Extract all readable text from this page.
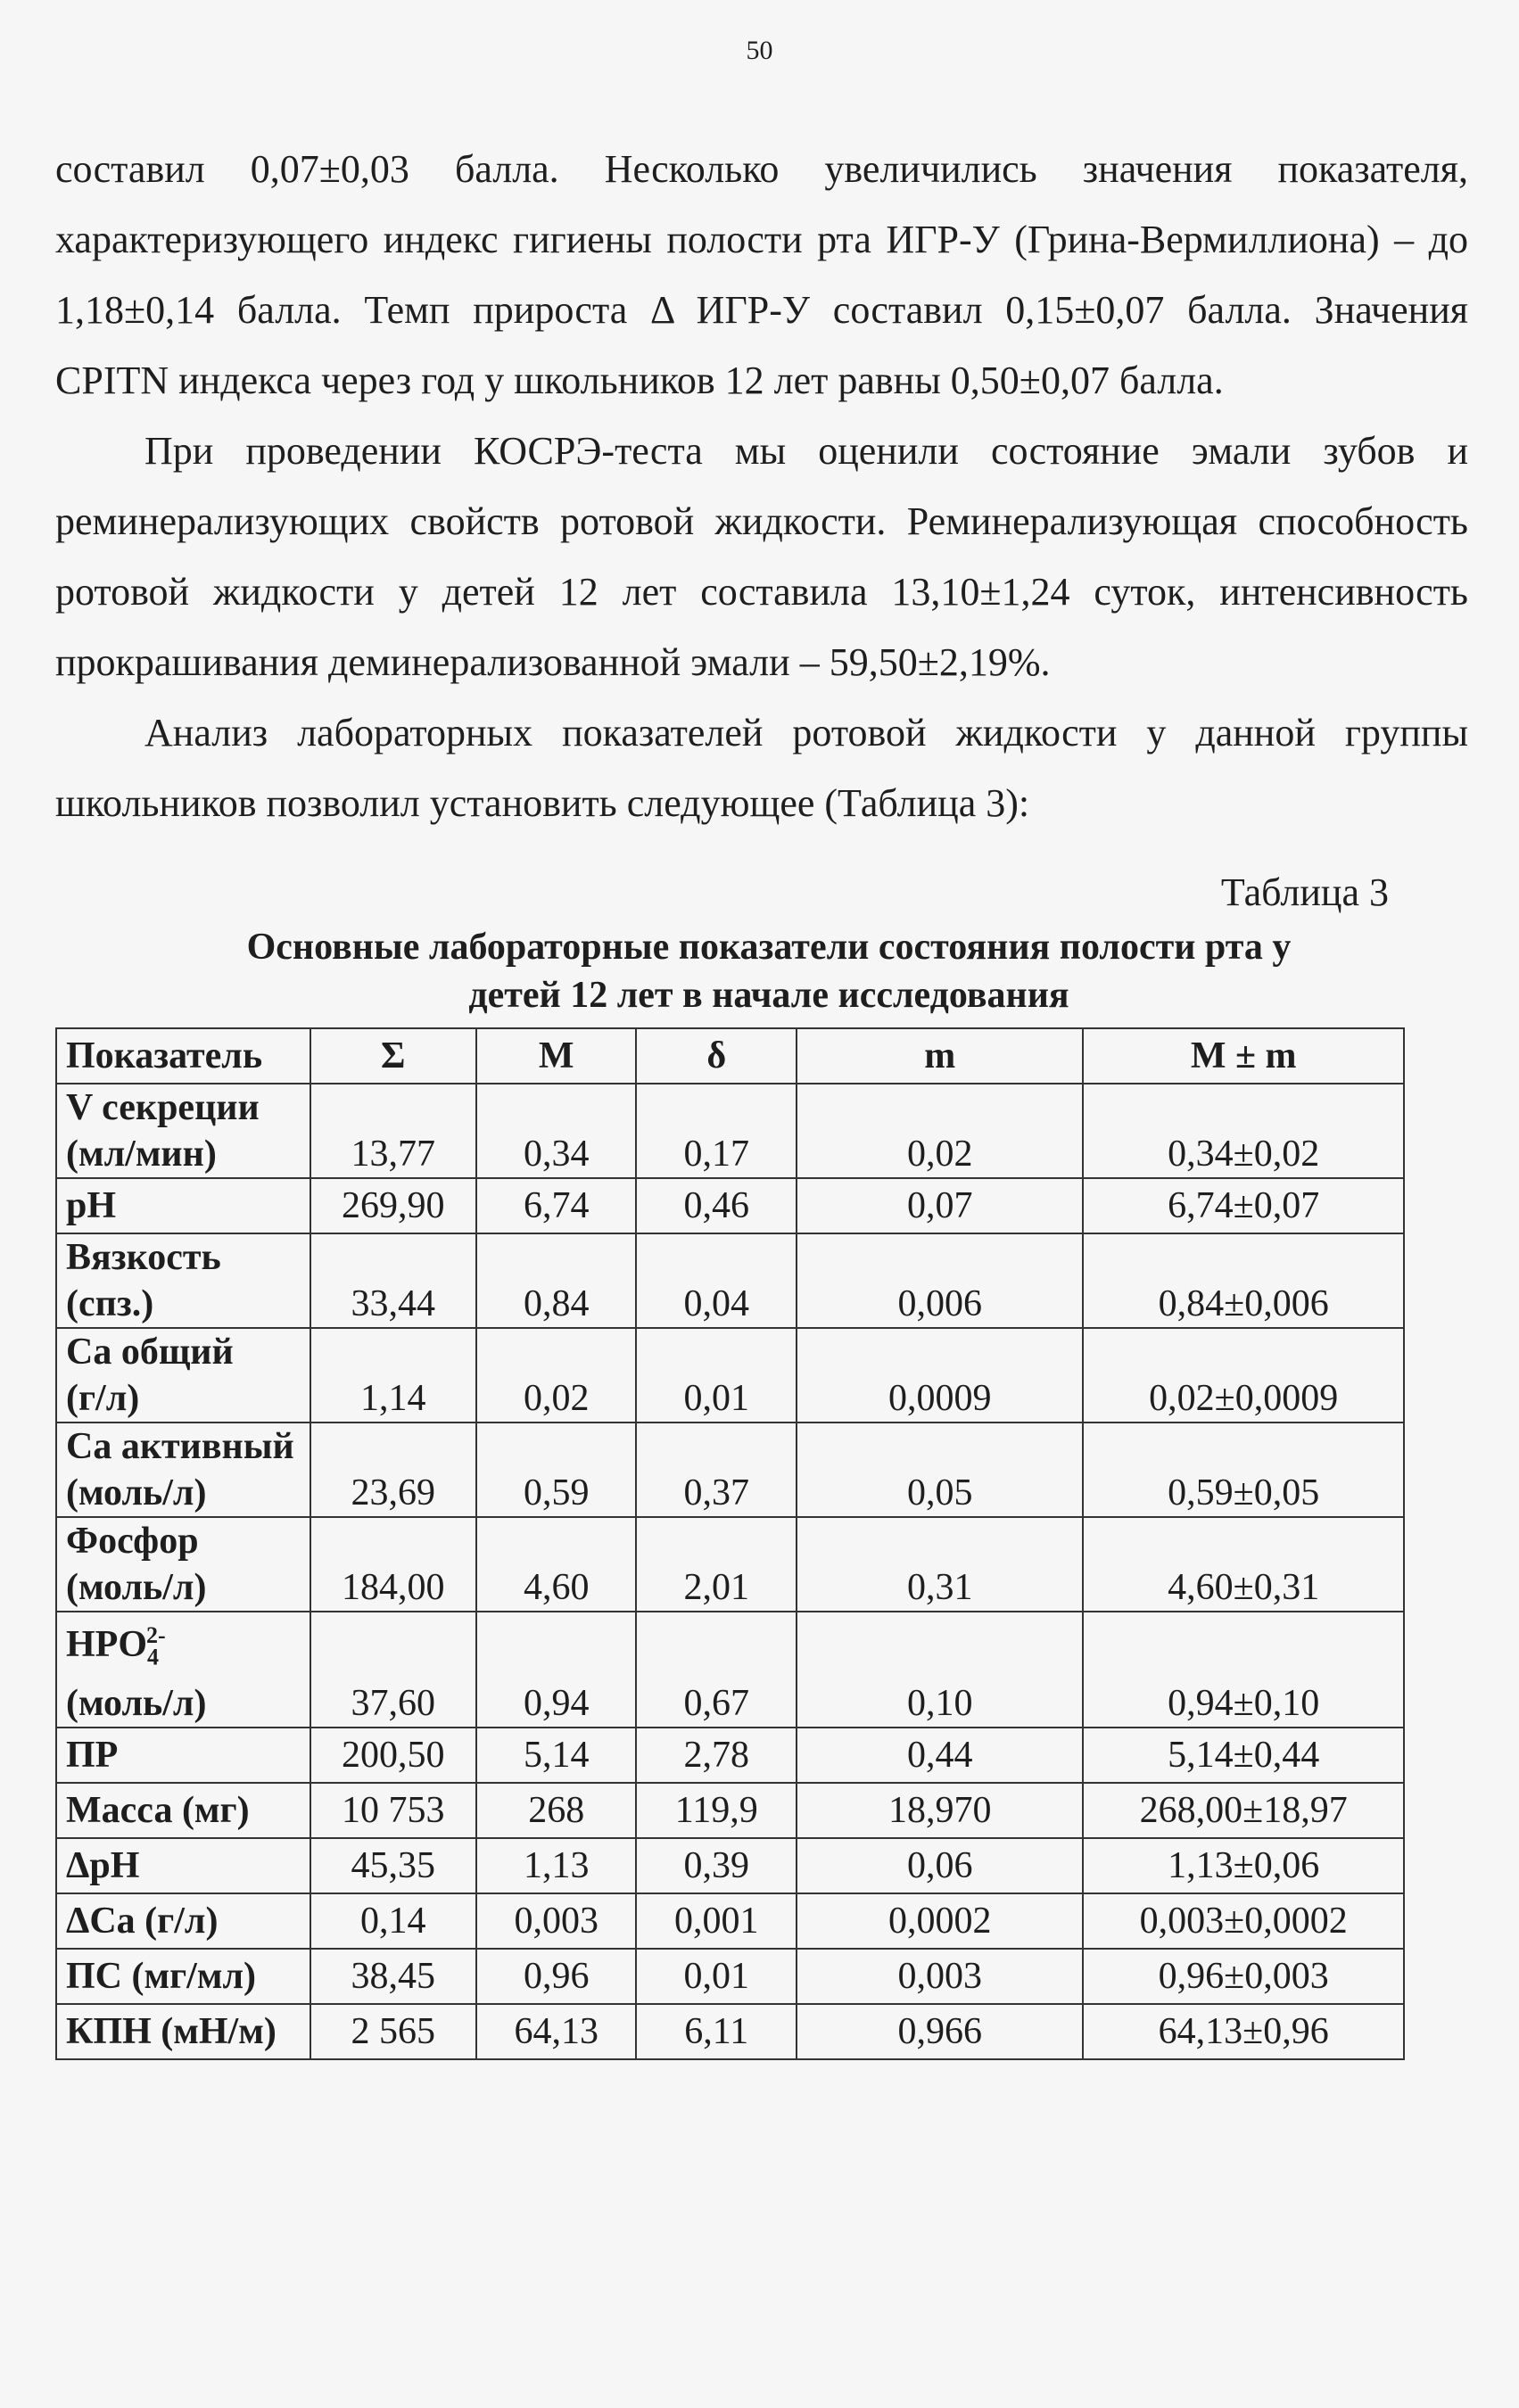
50

составил 0,07±0,03 балла. Несколько увеличились значения показателя, характеризующего индекс гигиены полости рта ИГР-У (Грина-Вермиллиона) – до 1,18±0,14 балла. Темп прироста Δ ИГР-У составил 0,15±0,07 балла. Значения CPITN индекса через год у школьников 12 лет равны 0,50±0,07 балла.

При проведении КОСРЭ-теста мы оценили состояние эмали зубов и реминерализующих свойств ротовой жидкости. Реминерализующая способность ротовой жидкости у детей 12 лет составила 13,10±1,24 суток, интенсивность прокрашивания деминерализованной эмали – 59,50±2,19%.

Анализ лабораторных показателей ротовой жидкости у данной группы школьников позволил установить следующее (Таблица 3):

Таблица 3
Основные лабораторные показатели состояния полости рта у
детей 12 лет в начале исследования
Показатель	Σ	M	δ	m	M ± m

V секреции
(мл/мин)	13,77	0,34	0,17	0,02	0,34±0,02

pH	269,90	6,74	0,46	0,07	6,74±0,07

Вязкость
(спз.)	33,44	0,84	0,04	0,006	0,84±0,006

Ca общий
(г/л)	1,14	0,02	0,01	0,0009	0,02±0,0009

Ca активный
(моль/л)	23,69	0,59	0,37	0,05	0,59±0,05

Фосфор
(моль/л)	184,00	4,60	2,01	0,31	4,60±0,31

$HPO_4^{2-}$
(моль/л)	37,60	0,94	0,67	0,10	0,94±0,10

ПР	200,50	5,14	2,78	0,44	5,14±0,44

Масса (мг)	10 753	268	119,9	18,970	268,00±18,97

ΔpH	45,35	1,13	0,39	0,06	1,13±0,06

ΔCa (г/л)	0,14	0,003	0,001	0,0002	0,003±0,0002

ПС (мг/мл)	38,45	0,96	0,01	0,003	0,96±0,003

КПН (мН/м)	2 565	64,13	6,11	0,966	64,13±0,96
